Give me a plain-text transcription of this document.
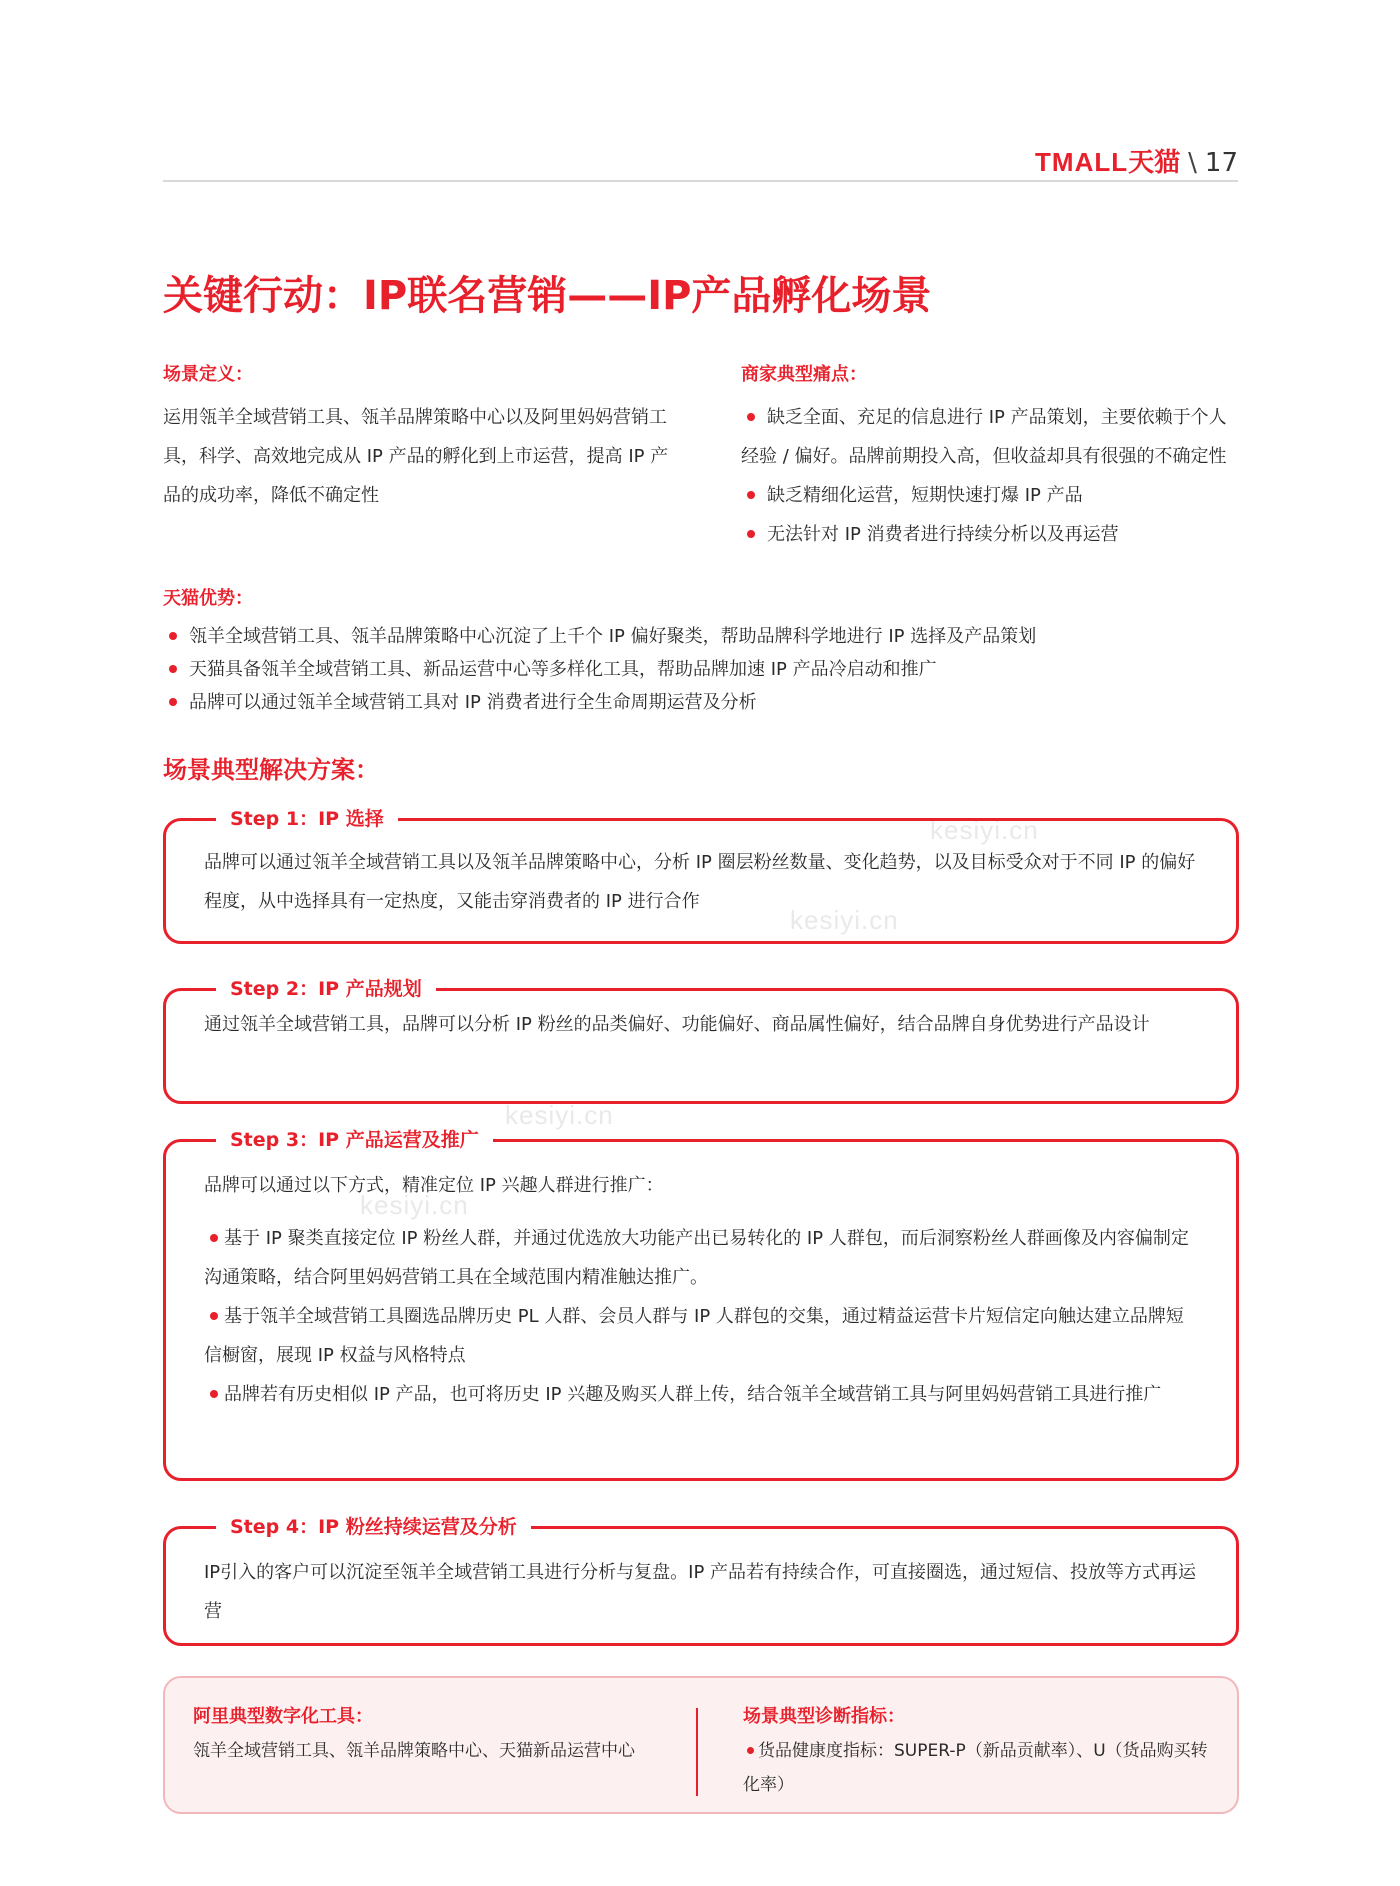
TMALL天猫 \ 17
kesiyi.cn
kesiyi.cn
kesiyi.cn
kesiyi.cn
关键行动：IP联名营销——IP产品孵化场景
场景定义：

运用瓴羊全域营销工具、瓴羊品牌策略中心以及阿里妈妈营销工具，科学、高效地完成从 IP 产品的孵化到上市运营，提高 IP 产品的成功率，降低不确定性

商家典型痛点：
缺乏全面、充足的信息进行 IP 产品策划，主要依赖于个人经验 / 偏好。品牌前期投入高，但收益却具有很强的不确定性
缺乏精细化运营，短期快速打爆 IP 产品
无法针对 IP 消费者进行持续分析以及再运营
天猫优势：
瓴羊全域营销工具、瓴羊品牌策略中心沉淀了上千个 IP 偏好聚类，帮助品牌科学地进行 IP 选择及产品策划
天猫具备瓴羊全域营销工具、新品运营中心等多样化工具，帮助品牌加速 IP 产品冷启动和推广
品牌可以通过瓴羊全域营销工具对 IP 消费者进行全生命周期运营及分析
场景典型解决方案：
Step 1：IP 选择

品牌可以通过瓴羊全域营销工具以及瓴羊品牌策略中心，分析 IP 圈层粉丝数量、变化趋势，以及目标受众对于不同 IP 的偏好程度，从中选择具有一定热度，又能击穿消费者的 IP 进行合作

Step 2：IP 产品规划

通过瓴羊全域营销工具，品牌可以分析 IP 粉丝的品类偏好、功能偏好、商品属性偏好，结合品牌自身优势进行产品设计

Step 3：IP 产品运营及推广

品牌可以通过以下方式，精准定位 IP 兴趣人群进行推广：

基于 IP 聚类直接定位 IP 粉丝人群，并通过优选放大功能产出已易转化的 IP 人群包，而后洞察粉丝人群画像及内容偏制定沟通策略，结合阿里妈妈营销工具在全域范围内精准触达推广。
基于瓴羊全域营销工具圈选品牌历史 PL 人群、会员人群与 IP 人群包的交集，通过精益运营卡片短信定向触达建立品牌短信橱窗，展现 IP 权益与风格特点
品牌若有历史相似 IP 产品，也可将历史 IP 兴趣及购买人群上传，结合瓴羊全域营销工具与阿里妈妈营销工具进行推广
Step 4：IP 粉丝持续运营及分析

IP引入的客户可以沉淀至瓴羊全域营销工具进行分析与复盘。IP 产品若有持续合作，可直接圈选，通过短信、投放等方式再运营

阿里典型数字化工具：

瓴羊全域营销工具、瓴羊品牌策略中心、天猫新品运营中心

场景典型诊断指标：
货品健康度指标：SUPER-P（新品贡献率）、U（货品购买转化率）
